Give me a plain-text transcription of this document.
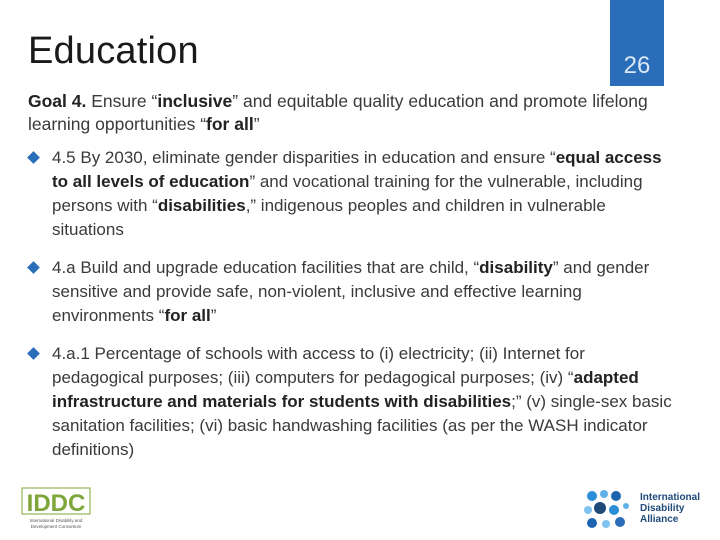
Education	26
Goal 4. Ensure “inclusive” and equitable quality education and promote lifelong learning opportunities “for all”
4.5 By 2030, eliminate gender disparities in education and ensure “equal access to all levels of education” and vocational training for the vulnerable, including persons with “disabilities,” indigenous peoples and children in vulnerable situations
4.a Build and upgrade education facilities that are child, “disability” and gender sensitive and provide safe, non-violent, inclusive and effective learning environments “for all”
4.a.1 Percentage of schools with access to (i) electricity; (ii) Internet for pedagogical purposes; (iii) computers for pedagogical purposes; (iv) “adapted infrastructure and materials for students with disabilities;” (v) single-sex basic sanitation facilities; (vi) basic handwashing facilities (as per the WASH indicator definitions)
IDDC
International Disability and
Development Consortium
International
Disability
Alliance
